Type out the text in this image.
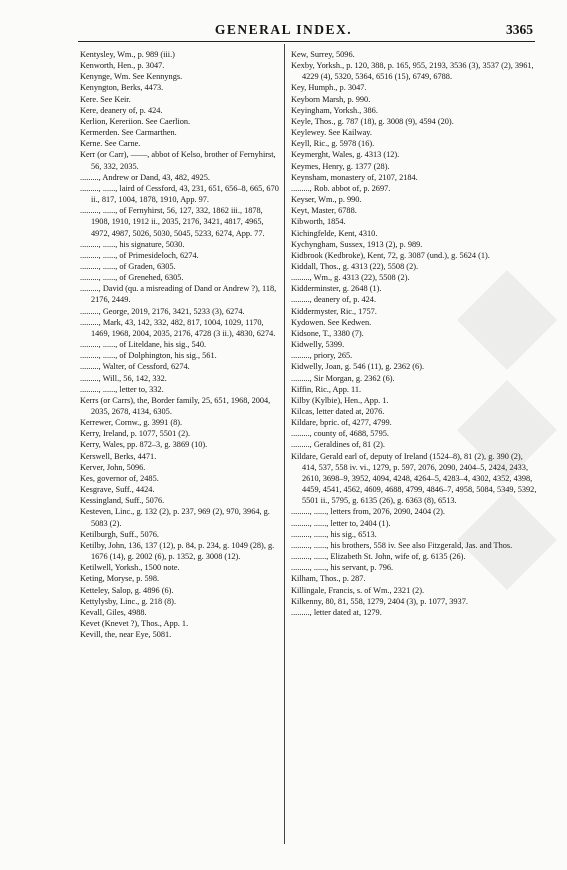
GENERAL INDEX.	3365
Kentysley, Wm., p. 989 (iii.)
Kenworth, Hen., p. 3047.
Kenynge, Wm. See Kennyngs.
Kenyngton, Berks, 4473.
Kere. See Keir.
Kere, deanery of, p. 424.
Kerlion, Kereriion. See Caerlion.
Kermerden. See Carmarthen.
Kerne. See Carne.
Kerr (or Carr), ——, abbot of Kelso, brother of Fernyhirst, 56, 332, 2035.
........., Andrew or Dand, 43, 482, 4925.
........., ......, laird of Cessford, 43, 231, 651, 656–8, 665, 670 ii., 817, 1004, 1878, 1910, App. 97.
........., ......, of Fernyhirst, 56, 127, 332, 1862 iii., 1878, 1908, 1910, 1912 ii., 2035, 2176, 3421, 4817, 4965, 4972, 4987, 5026, 5030, 5045, 5233, 6274, App. 77.
........., ......, his signature, 5030.
........., ......, of Primesideloch, 6274.
........., ......, of Graden, 6305.
........., ......, of Grenehed, 6305.
........., David (qu. a misreading of Dand or Andrew ?), 118, 2176, 2449.
........., George, 2019, 2176, 3421, 5233 (3), 6274.
........., Mark, 43, 142, 332, 482, 817, 1004, 1029, 1170, 1469, 1968, 2004, 2035, 2176, 4728 (3 ii.), 4830, 6274.
........., ......, of Liteldane, his sig., 540.
........., ......, of Dolphington, his sig., 561.
........., Walter, of Cessford, 6274.
........., Will., 56, 142, 332.
........., ......, letter to, 332.
Kerrs (or Carrs), the, Border family, 25, 651, 1968, 2004, 2035, 2678, 4134, 6305.
Kerrewer, Cornw., g. 3991 (8).
Kerry, Ireland, p. 1077, 5501 (2).
Kerry, Wales, pp. 872–3, g. 3869 (10).
Kerswell, Berks, 4471.
Kerver, John, 5096.
Kes, governor of, 2485.
Kesgrave, Suff., 4424.
Kessingland, Suff., 5076.
Kesteven, Linc., g. 132 (2), p. 237, 969 (2), 970, 3964, g. 5083 (2).
Ketilburgh, Suff., 5076.
Ketilby, John, 136, 137 (12), p. 84, p. 234, g. 1049 (28), g. 1676 (14), g. 2002 (6), p. 1352, g. 3008 (12).
Ketilwell, Yorksh., 1500 note.
Keting, Moryse, p. 598.
Ketteley, Salop, g. 4896 (6).
Kettylysby, Linc., g. 218 (8).
Kevall, Giles, 4988.
Kevet (Knevet ?), Thos., App. 1.
Kevill, the, near Eye, 5081.
Kew, Surrey, 5096.
Kexby, Yorksh., p. 120, 388, p. 165, 955, 2193, 3536 (3), 3537 (2), 3961, 4229 (4), 5320, 5364, 6516 (15), 6749, 6788.
Key, Humph., p. 3047.
Keyborn Marsh, p. 990.
Keyingham, Yorksh., 386.
Keyle, Thos., g. 787 (18), g. 3008 (9), 4594 (20).
Keylewey. See Kailway.
Keyll, Ric., g. 5978 (16).
Keymerght, Wales, g. 4313 (12).
Keymes, Henry, g. 1377 (28).
Keynsham, monastery of, 2107, 2184.
........., Rob. abbot of, p. 2697.
Keyser, Wm., p. 990.
Keyt, Master, 6788.
Kibworth, 1854.
Kichingfelde, Kent, 4310.
Kychyngham, Sussex, 1913 (2), p. 989.
Kidbrook (Kedbroke), Kent, 72, g. 3087 (und.), g. 5624 (1).
Kiddall, Thos., g. 4313 (22), 5508 (2).
........., Wm., g. 4313 (22), 5508 (2).
Kidderminster, g. 2648 (1).
........., deanery of, p. 424.
Kiddermyster, Ric., 1757.
Kydowen. See Kedwen.
Kidsone, T., 3380 (7).
Kidwelly, 5399.
........., priory, 265.
Kidwelly, Joan, g. 546 (11), g. 2362 (6).
........., Sir Morgan, g. 2362 (6).
Kiffin, Ric., App. 11.
Kilby (Kylbie), Hen., App. 1.
Kilcas, letter dated at, 2076.
Kildare, bpric. of, 4277, 4799.
........., county of, 4688, 5795.
........., Geraldines of, 81 (2).
Kildare, Gerald earl of, deputy of Ireland (1524–8), 81 (2), g. 390 (2), 414, 537, 558 iv. vi., 1279, p. 597, 2076, 2090, 2404–5, 2424, 2433, 2610, 3698–9, 3952, 4094, 4248, 4264–5, 4283–4, 4302, 4352, 4398, 4459, 4541, 4562, 4609, 4688, 4799, 4846–7, 4958, 5084, 5349, 5392, 5501 ii., 5795, g. 6135 (26), g. 6363 (8), 6513.
........., ......, letters from, 2076, 2090, 2404 (2).
........., ......, letter to, 2404 (1).
........., ......, his sig., 6513.
........., ......, his brothers, 558 iv. See also Fitzgerald, Jas. and Thos.
........., ......, Elizabeth St. John, wife of, g. 6135 (26).
........., ......, his servant, p. 796.
Kilham, Thos., p. 287.
Killingale, Francis, s. of Wm., 2321 (2).
Kilkenny, 80, 81, 558, 1279, 2404 (3), p. 1077, 3937.
........., letter dated at, 1279.
